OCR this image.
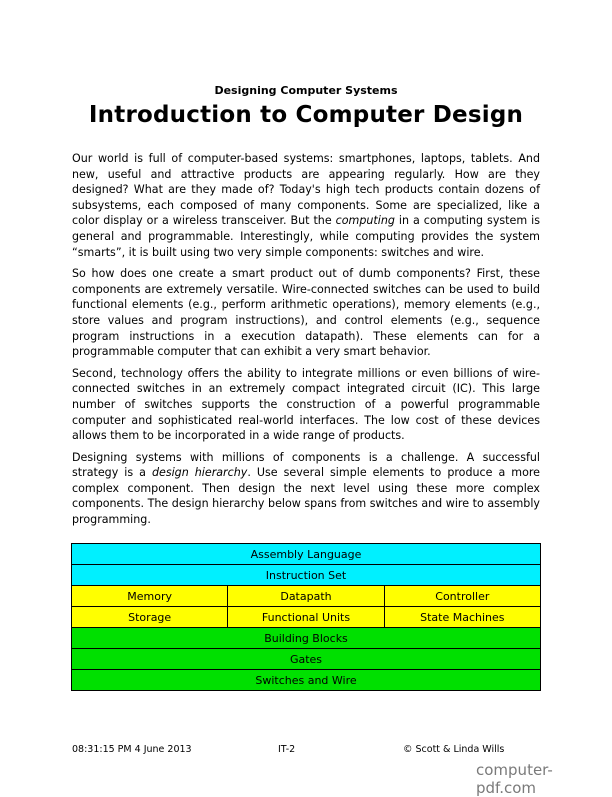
Designing Computer Systems
Introduction to Computer Design

Our world is full of computer-based systems: smartphones, laptops, tablets. And new, useful and attractive products are appearing regularly. How are they designed? What are they made of? Today's high tech products contain dozens of subsystems, each composed of many components. Some are specialized, like a color display or a wireless transceiver. But the computing in a computing system is general and programmable. Interestingly, while computing provides the system “smarts”, it is built using two very simple components: switches and wire.

So how does one create a smart product out of dumb components? First, these components are extremely versatile. Wire-connected switches can be used to build functional elements (e.g., perform arithmetic operations), memory elements (e.g., store values and program instructions), and control elements (e.g., sequence program instructions in a execution datapath). These elements can for a programmable computer that can exhibit a very smart behavior.

Second, technology offers the ability to integrate millions or even billions of wire-connected switches in an extremely compact integrated circuit (IC). This large number of switches supports the construction of a powerful programmable computer and sophisticated real-world interfaces. The low cost of these devices allows them to be incorporated in a wide range of products.

Designing systems with millions of components is a challenge. A successful strategy is a design hierarchy. Use several simple elements to produce a more complex component. Then design the next level using these more complex components. The design hierarchy below spans from switches and wire to assembly programming.

Assembly Language		
Instruction Set		
Memory	Datapath	Controller
Storage	Functional Units	State Machines
Building Blocks		
Gates		
Switches and Wire		
08:31:15 PM 4 June 2013	IT-2	© Scott & Linda Wills
computer-pdf.com
